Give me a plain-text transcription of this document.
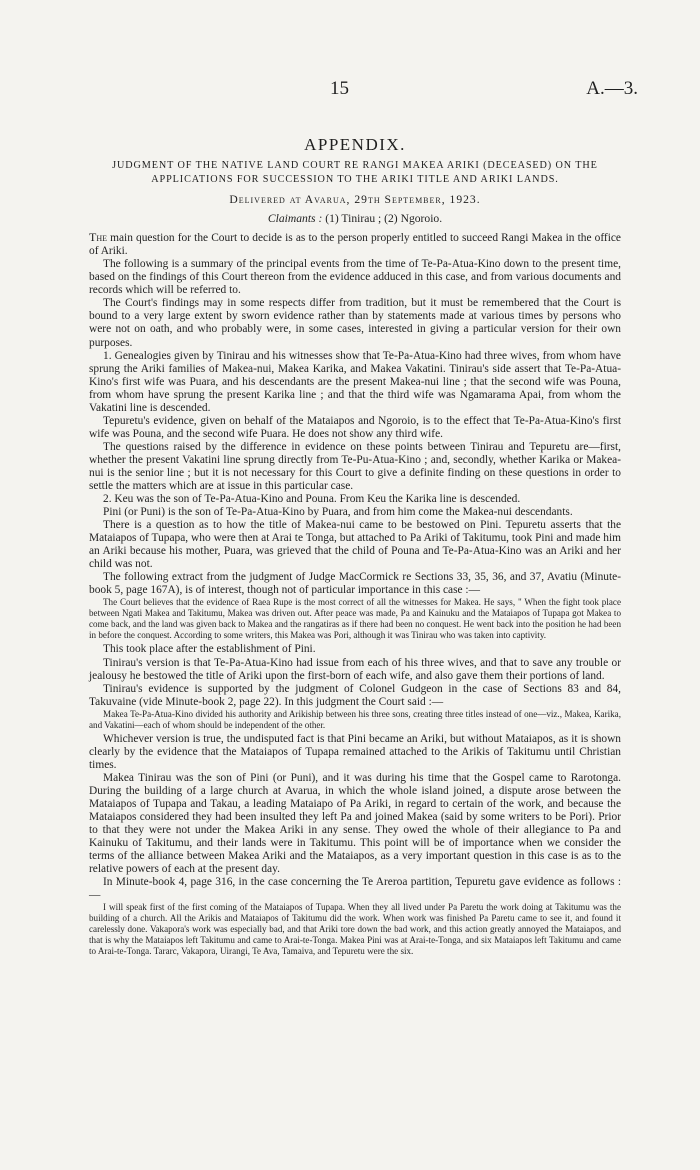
15	A.—3.
APPENDIX.
JUDGMENT OF THE NATIVE LAND COURT RE RANGI MAKEA ARIKI (DECEASED) ON THE
APPLICATIONS FOR SUCCESSION TO THE ARIKI TITLE AND ARIKI LANDS.
Delivered at Avarua, 29th September, 1923.
Claimants : (1) Tinirau ; (2) Ngoroio.

The main question for the Court to decide is as to the person properly entitled to succeed Rangi Makea in the office of Ariki.

The following is a summary of the principal events from the time of Te-Pa-Atua-Kino down to the present time, based on the findings of this Court thereon from the evidence adduced in this case, and from various documents and records which will be referred to.

The Court's findings may in some respects differ from tradition, but it must be remembered that the Court is bound to a very large extent by sworn evidence rather than by statements made at various times by persons who were not on oath, and who probably were, in some cases, interested in giving a particular version for their own purposes.

1. Genealogies given by Tinirau and his witnesses show that Te-Pa-Atua-Kino had three wives, from whom have sprung the Ariki families of Makea-nui, Makea Karika, and Makea Vakatini. Tinirau's side assert that Te-Pa-Atua-Kino's first wife was Puara, and his descendants are the present Makea-nui line ; that the second wife was Pouna, from whom have sprung the present Karika line ; and that the third wife was Ngamarama Apai, from whom the Vakatini line is descended.

Tepuretu's evidence, given on behalf of the Mataiapos and Ngoroio, is to the effect that Te-Pa-Atua-Kino's first wife was Pouna, and the second wife Puara. He does not show any third wife.

The questions raised by the difference in evidence on these points between Tinirau and Tepuretu are—first, whether the present Vakatini line sprung directly from Te-Pu-Atua-Kino ; and, secondly, whether Karika or Makea-nui is the senior line ; but it is not necessary for this Court to give a definite finding on these questions in order to settle the matters which are at issue in this particular case.

2. Keu was the son of Te-Pa-Atua-Kino and Pouna. From Keu the Karika line is descended.

Pini (or Puni) is the son of Te-Pa-Atua-Kino by Puara, and from him come the Makea-nui descendants.

There is a question as to how the title of Makea-nui came to be bestowed on Pini. Tepuretu asserts that the Mataiapos of Tupapa, who were then at Arai te Tonga, but attached to Pa Ariki of Takitumu, took Pini and made him an Ariki because his mother, Puara, was grieved that the child of Pouna and Te-Pa-Atua-Kino was an Ariki and her child was not.

The following extract from the judgment of Judge MacCormick re Sections 33, 35, 36, and 37, Avatiu (Minute-book 5, page 167A), is of interest, though not of particular importance in this case :—

The Court believes that the evidence of Raea Rupe is the most correct of all the witnesses for Makea. He says, " When the fight took place between Ngati Makea and Takitumu, Makea was driven out. After peace was made, Pa and Kainuku and the Mataiapos of Tupapa got Makea to come back, and the land was given back to Makea and the rangatiras as if there had been no conquest. He went back into the position he had been in before the conquest. According to some writers, this Makea was Pori, although it was Tinirau who was taken into captivity.

This took place after the establishment of Pini.

Tinirau's version is that Te-Pa-Atua-Kino had issue from each of his three wives, and that to save any trouble or jealousy he bestowed the title of Ariki upon the first-born of each wife, and also gave them their portions of land.

Tinirau's evidence is supported by the judgment of Colonel Gudgeon in the case of Sections 83 and 84, Takuvaine (vide Minute-book 2, page 22). In this judgment the Court said :—

Makea Te-Pa-Atua-Kino divided his authority and Arikiship between his three sons, creating three titles instead of one—viz., Makea, Karika, and Vakatini—each of whom should be independent of the other.

Whichever version is true, the undisputed fact is that Pini became an Ariki, but without Mataiapos, as it is shown clearly by the evidence that the Mataiapos of Tupapa remained attached to the Arikis of Takitumu until Christian times.

Makea Tinirau was the son of Pini (or Puni), and it was during his time that the Gospel came to Rarotonga. During the building of a large church at Avarua, in which the whole island joined, a dispute arose between the Mataiapos of Tupapa and Takau, a leading Mataiapo of Pa Ariki, in regard to certain of the work, and because the Mataiapos considered they had been insulted they left Pa and joined Makea (said by some writers to be Pori). Prior to that they were not under the Makea Ariki in any sense. They owed the whole of their allegiance to Pa and Kainuku of Takitumu, and their lands were in Takitumu. This point will be of importance when we consider the terms of the alliance between Makea Ariki and the Mataiapos, as a very important question in this case is as to the relative powers of each at the present day.

In Minute-book 4, page 316, in the case concerning the Te Areroa partition, Tepuretu gave evidence as follows :—

I will speak first of the first coming of the Mataiapos of Tupapa. When they all lived under Pa Paretu the work doing at Takitumu was the building of a church. All the Arikis and Mataiapos of Takitumu did the work. When work was finished Pa Paretu came to see it, and found it carelessly done. Vakapora's work was especially bad, and that Ariki tore down the bad work, and this action greatly annoyed the Mataiapos, and that is why the Mataiapos left Takitumu and came to Arai-te-Tonga. Makea Pini was at Arai-te-Tonga, and six Mataiapos left Takitumu and came to Arai-te-Tonga. Tararc, Vakapora, Uirangi, Te Ava, Tamaiva, and Tepuretu were the six.
